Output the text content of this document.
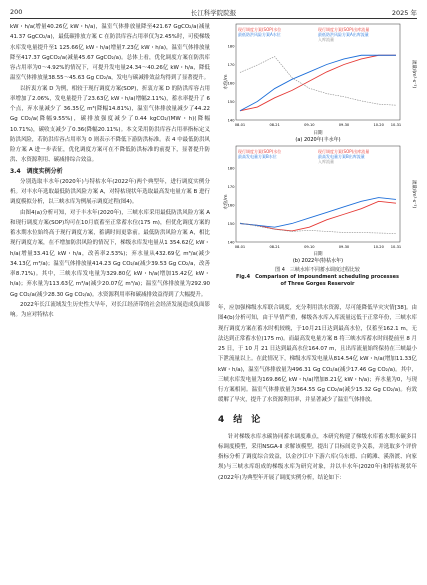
200	长江科学院院报	2025 年

kW・h/a(增量40.26亿 kW・h/a)，温室气体排放量降至421.67 GgCO₂/a(减量41.37 GgCO₂/a)，最低碳排放方案 C 在防洪库容占用率仅为2.45%时，可使梯级水库发电量提升至1 125.66亿 kW・h/a(增量7.23亿 kW・h/a)，温室气体排放量降至417.37 GgCO₂/a(减量45.67 GgCO₂/a)。总体上看，优化调度方案在防洪库容占用率为0～4.92%的情况下，可提升发电量24.34～40.26亿 kW・h/a，降低温室气体排放量38.55～45.63 Gg CO₂/a，发电与碳减排效益均得到了显著提升。

以折衷方案 D 为例，相较于现行调度方案(SOP)，折衷方案 D 的防洪库容占用率增加了2.06%，发电量提升了23.63亿 kW・h/a(增幅2.11%)，蓄水率提升了 6 个点，弃水量减少了 36.35亿 m³(降幅14.81%)，温室气体排放量减少了44.22 Gg CO₂/a(降幅9.55%)，碳排放强度减少了0.44 kgCO₂/(MW・h)(降幅10.71%)，碳收支减少了0.36(降幅20.11%)。本文采用防洪库容占用率指标定义防洪风险，若防洪库容占用率为 0 则表示不降低下游防洪标准。表 4 中最低防洪风险方案 A 进一步表征，优化调度方案可在不降低防洪标准的前提下，显著提升防洪、水资源利用、碳减排综合效益。

3.4　调度实例分析

分别选取丰水年(2020年)与特枯水年(2022年)两个典型年，进行调度实例分析。对丰水年选取最低防洪风险方案 A，对特枯现状年选取最高发电量方案 B 进行调度模拟分析，以三峡水库为例展示调度过程(图4)。

由图4(a)分析可知，对于丰水年(2020年)，三峡水库采用最低防洪风险方案 A 和现行调度方案(SOP)均可在10月底蓄至正常蓄水位(175 m)，但优化调度方案的蓄水期水位始终高于现行调度方案，蓄满时间更靠前。最低防洪风险方案 A，相比现行调度方案，在不增加防洪风险的情况下，梯级水库发电量从1 354.62亿 kW・h/a(增量33.41亿 kW・h/a，改善率2.53%)；弃水量从432.69亿 m³/a(减少34.13亿 m³/a)；温室气体排放量414.23 Gg CO₂/a(减少39.53 Gg CO₂/a，改善率8.71%)。其中，三峡水库发电量为329.80亿 kW・h/a(增加15.42亿 kW・h/a)；弃水量为113.63亿 m³/a(减少20.07亿 m³/a)；温室气体排放量为292.90 Gg CO₂/a(减少28.30 Gg CO₂/a)。水资源利用率和碳减排效益得到了大幅提升。

2022年长江流域发生历史性大旱年，对长江经济带的社会经济发展造成负面影响。为应对特枯水

现行调度方案(SOP)水位
最低防洪风险方案A水位
现行调度方案(SOP)出库流量
最低防洪风险方案A出库流量
入库流量
08-01	08-21	09-10	09-30	10-20 10-31
140
150
160
170
180
水位/m	流量/(m³·s⁻¹)
日期
(a) 2020年(丰水年)
现行调度方案(SOP)水位
最高发电量方案B水位
现行调度方案(SOP)出库流量
最高发电量方案B出库流量
入库流量
08-01	08-21	09-10	09-30	10-20 10-31
140
150
160
170
180
水位/m	流量/(m³·s⁻¹)
日期
(b) 2022年(特枯水年)
图 4　三峡水库不同蓄水调度过程比较
Fig.4　Comparison of impoundment scheduling processes
of Three Gorges Reservoir

年，应加强梯级水库联合调度，充分利用洪水资源，尽可能降低旱灾灾情[38]。由图4(b)分析可知，由于旱情严重，梯级各水库入库流量远低于正常年份，三峡水库现行调度方案在蓄水时机较晚，于10月21日达到最高水位，仅蓄至162.1 m，无法达到正常蓄水位(175 m)。而最高发电量方案 B 将三峡水库蓄水时间提前至 8 月 25 日，于 10 月 21 日达到最高水位164.07 m，且出库流量始终保持在三峡最小下泄流量以上。在此情况下，梯级水库发电量从814.54亿 kW・h/a(增加11.33亿 kW・h/a)，温室气体排放量为496.31 Gg CO₂/a(减少17.46 Gg CO₂/a)。其中，三峡水库发电量为169.86亿 kW・h/a(增加8.21亿 kW・h/a)；弃水量为0，与现行方案相同。温室气体排放量为364.55 Gg CO₂/a(减少15.32 Gg CO₂/a)。有效缓解了旱灾，提升了水资源利用率，并显著减少了温室气体排放。

4　结　论

针对梯级水库水碳协同蓄水调度难点，本研究构建了梯级水库蓄水期水碳多目标调度模型，采用NSGA-Ⅱ 求解该模型，提出了目标间竞争关系，并选取多个评价指标分析了调度综合效益，以金沙江中下游六库(乌东德、白鹤滩、溪洛渡、向家坝)与三峡水库组成的梯级水库为研究对象，并以丰水年(2020年)和特枯现状年(2022年)为典型年开展了调度实例分析，结论如下：
